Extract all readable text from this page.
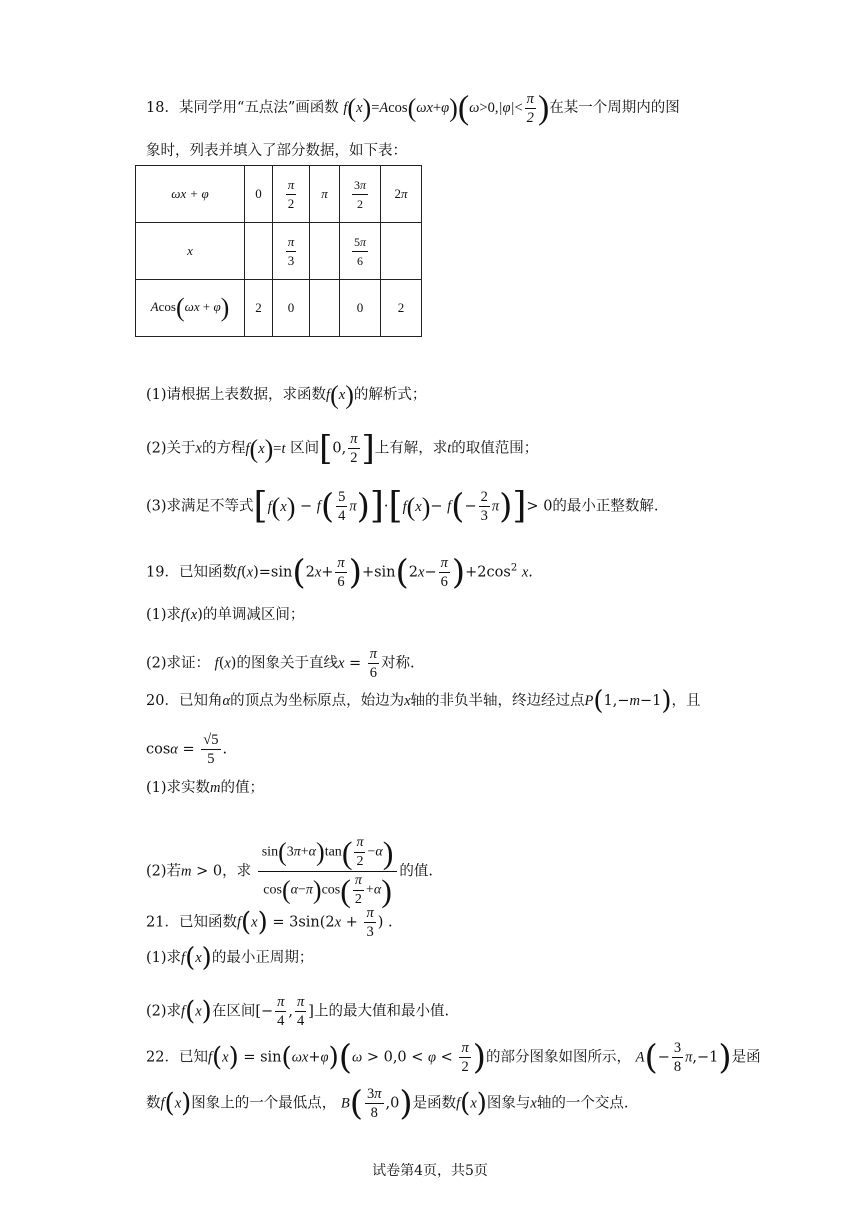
18．某同学用“五点法”画函数 $f(x)=Acos(\omega x+\varphi)(\omega>0,|\varphi|< \frac{\pi}{2}$ )在某一个周期内的图
象时，列表并填入了部分数据，如下表：
ωx + φ	0	$\frac{\pi}{2}$	π	$\frac{3\pi}{2}$	2π
x		$\frac{\pi}{3}$		$\frac{5\pi}{6}$

Acos(ωx + φ)	2	0		0	2
(1)请根据上表数据，求函数f(x)的解析式；
(2)关于x的方程f(x)=t 区间[0, $\frac{\pi}{2}$ ]上有解，求t的取值范围；
(3)求满足不等式$[f(x) - f( \frac{5}{4} \pi)]\cdot[f(x)- f(- \frac{2}{3} \pi)]> 0$的最小正整数解.
19．已知函数$f(x)=\sin(2x+ \frac{\pi}{6} )+\sin(2x- \frac{\pi}{6} )+2\cos^2$ x.
(1)求f(x)的单调减区间；
(2)求证： f(x)的图象关于直线$x = \frac{\pi}{6}$ 对称.
20．已知角α的顶点为坐标原点，始边为x轴的非负半轴，终边经过点P(1,−m−1)，且
$\cos\alpha = \frac{√5}{5}$ .
(1)求实数m的值；
(2)若m > 0，求 $\frac{\sin(3\pi+\alpha)\tan( \frac{\pi}{2} -\alpha)}{\cos(\alpha-\pi)\cos( \frac{\pi}{2} +\alpha)}$ 的值.
21．已知函数$f(x) = 3\sin(2x + \frac{\pi}{3}$ ) .
(1)求f(x)的最小正周期；
(2)求f(x)在区间[− $\frac{\pi}{4}$ , $\frac{\pi}{4}$ ]上的最大值和最小值.
22．已知$f(x) = \sin(\omega x+\varphi)(\omega > 0,0 < \varphi < \frac{\pi}{2}$ )的部分图象如图所示， $A(- \frac{3}{8} \pi,-1)$是函
数f(x)图象上的一个最低点， $B( \frac{3\pi}{8} ,0)$是函数f(x)图象与x轴的一个交点.
试卷第4页，共5页
